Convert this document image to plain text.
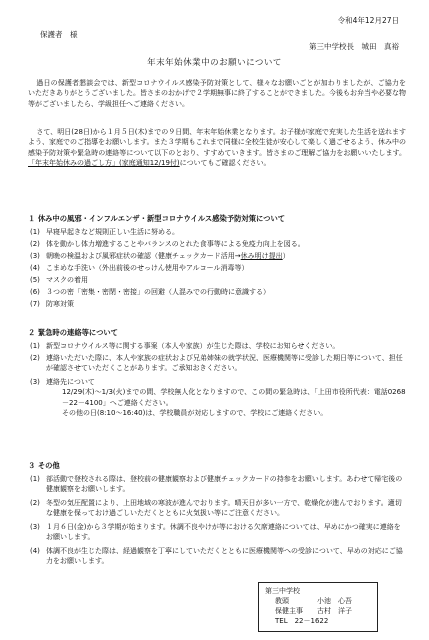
令和4年12月27日
保護者　様
第三中学校長　城田　真裕
年末年始休業中のお願いについて
過日の保護者懇談会では、新型コロナウイルス感染予防対策として、様々なお願いごとが加わりましたが、ご協力をいただきありがとうございました。皆さまのおかげで２学期無事に終了することができました。今後もお弁当や必要な物等がございましたら、学級担任へご連絡ください。
さて、明日(28日)から１月５日(木)までの９日間、年末年始休業となります。お子様が家庭で充実した生活を送れますよう、家庭でのご指導をお願いします。また３学期もこれまで同様に全校生徒が安心して楽しく過ごせるよう、休み中の感染予防対策や緊急時の連絡等について以下のとおり、すすめていきます。皆さまのご理解ご協力をお願いいたします。「年末年始休みの過ごし方」(家庭通知12/19付)についてもご確認ください。
１ 休み中の風邪・インフルエンザ・新型コロナウイルス感染予防対策について
(1) 早寝早起きなど規則正しい生活に努める。
(2) 体を動かし体力増進することやバランスのとれた食事等による免疫力向上を図る。
(3) 朝晩の検温および風邪症状の確認（健康チェックカード活用→休み明け提出）
(4) こまめな手洗い（外出前後のせっけん使用やアルコール消毒等）
(5) マスクの着用
(6) ３つの密「密集・密閉・密接」の回避（人混みでの行動時に意識する）
(7) 防寒対策
２ 緊急時の連絡等について
(1) 新型コロナウイルス等に関する事案（本人や家族）が生じた際は、学校にお知らせください。
(2) 連絡いただいた際に、本人や家族の症状および兄弟姉妹の就学状況、医療機関等に受診した期日等について、担任が確認させていただくことがあります。ご承知おきください。
(3) 連絡先について
12/29(木)～1/3(火)までの間、学校無人化となりますので、この間の緊急時は、「上田市役所代表：電話0268－22－4100」へご連絡ください。
その他の日(8:10～16:40)は、学校職員が対応しますので、学校にご連絡ください。
３ その他
(1) 部活動で登校される際は、登校前の健康観察および健康チェックカードの持参をお願いします。あわせて帰宅後の健康観察をお願いします。
(2) 冬型の気圧配置により、上田地域の寒波が進んでおります。晴天日が多い一方で、乾燥化が進んでおります。適切な健康を保っておけ過ごしいただくとともに火気扱い等にご注意ください。
(3) １月６日(金)から３学期が始まります。休調不良やけが等における欠席連絡については、早めにかつ確実に連絡をお願いします。
(4) 体調不良が生じた際は、経過観察を丁寧にしていただくとともに医療機関等への受診について、早めの対応にご協力をお願いします。
第三中学校
教頭　　　　小池　心吾
保健主事　　古村　洋子
TEL　22－1622
